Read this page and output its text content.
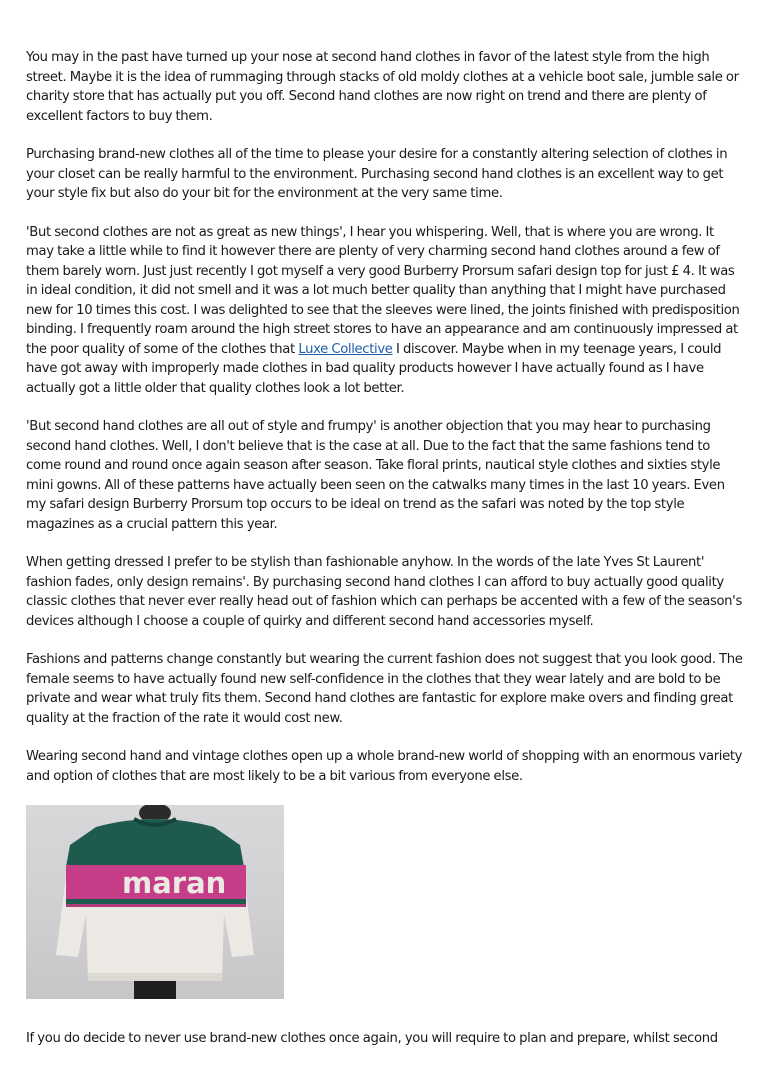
You may in the past have turned up your nose at second hand clothes in favor of the latest style from the high street. Maybe it is the idea of rummaging through stacks of old moldy clothes at a vehicle boot sale, jumble sale or charity store that has actually put you off. Second hand clothes are now right on trend and there are plenty of excellent factors to buy them.

Purchasing brand-new clothes all of the time to please your desire for a constantly altering selection of clothes in your closet can be really harmful to the environment. Purchasing second hand clothes is an excellent way to get your style fix but also do your bit for the environment at the very same time.

'But second clothes are not as great as new things', I hear you whispering. Well, that is where you are wrong. It may take a little while to find it however there are plenty of very charming second hand clothes around a few of them barely worn. Just just recently I got myself a very good Burberry Prorsum safari design top for just £ 4. It was in ideal condition, it did not smell and it was a lot much better quality than anything that I might have purchased new for 10 times this cost. I was delighted to see that the sleeves were lined, the joints finished with predisposition binding. I frequently roam around the high street stores to have an appearance and am continuously impressed at the poor quality of some of the clothes that Luxe Collective I discover. Maybe when in my teenage years, I could have got away with improperly made clothes in bad quality products however I have actually found as I have actually got a little older that quality clothes look a lot better.

'But second hand clothes are all out of style and frumpy' is another objection that you may hear to purchasing second hand clothes. Well, I don't believe that is the case at all. Due to the fact that the same fashions tend to come round and round once again season after season. Take floral prints, nautical style clothes and sixties style mini gowns. All of these patterns have actually been seen on the catwalks many times in the last 10 years. Even my safari design Burberry Prorsum top occurs to be ideal on trend as the safari was noted by the top style magazines as a crucial pattern this year.

When getting dressed I prefer to be stylish than fashionable anyhow. In the words of the late Yves St Laurent' fashion fades, only design remains'. By purchasing second hand clothes I can afford to buy actually good quality classic clothes that never ever really head out of fashion which can perhaps be accented with a few of the season's devices although I choose a couple of quirky and different second hand accessories myself.

Fashions and patterns change constantly but wearing the current fashion does not suggest that you look good. The female seems to have actually found new self-confidence in the clothes that they wear lately and are bold to be private and wear what truly fits them. Second hand clothes are fantastic for explore make overs and finding great quality at the fraction of the rate it would cost new.

Wearing second hand and vintage clothes open up a whole brand-new world of shopping with an enormous variety and option of clothes that are most likely to be a bit various from everyone else.

maran

If you do decide to never use brand-new clothes once again, you will require to plan and prepare, whilst second
